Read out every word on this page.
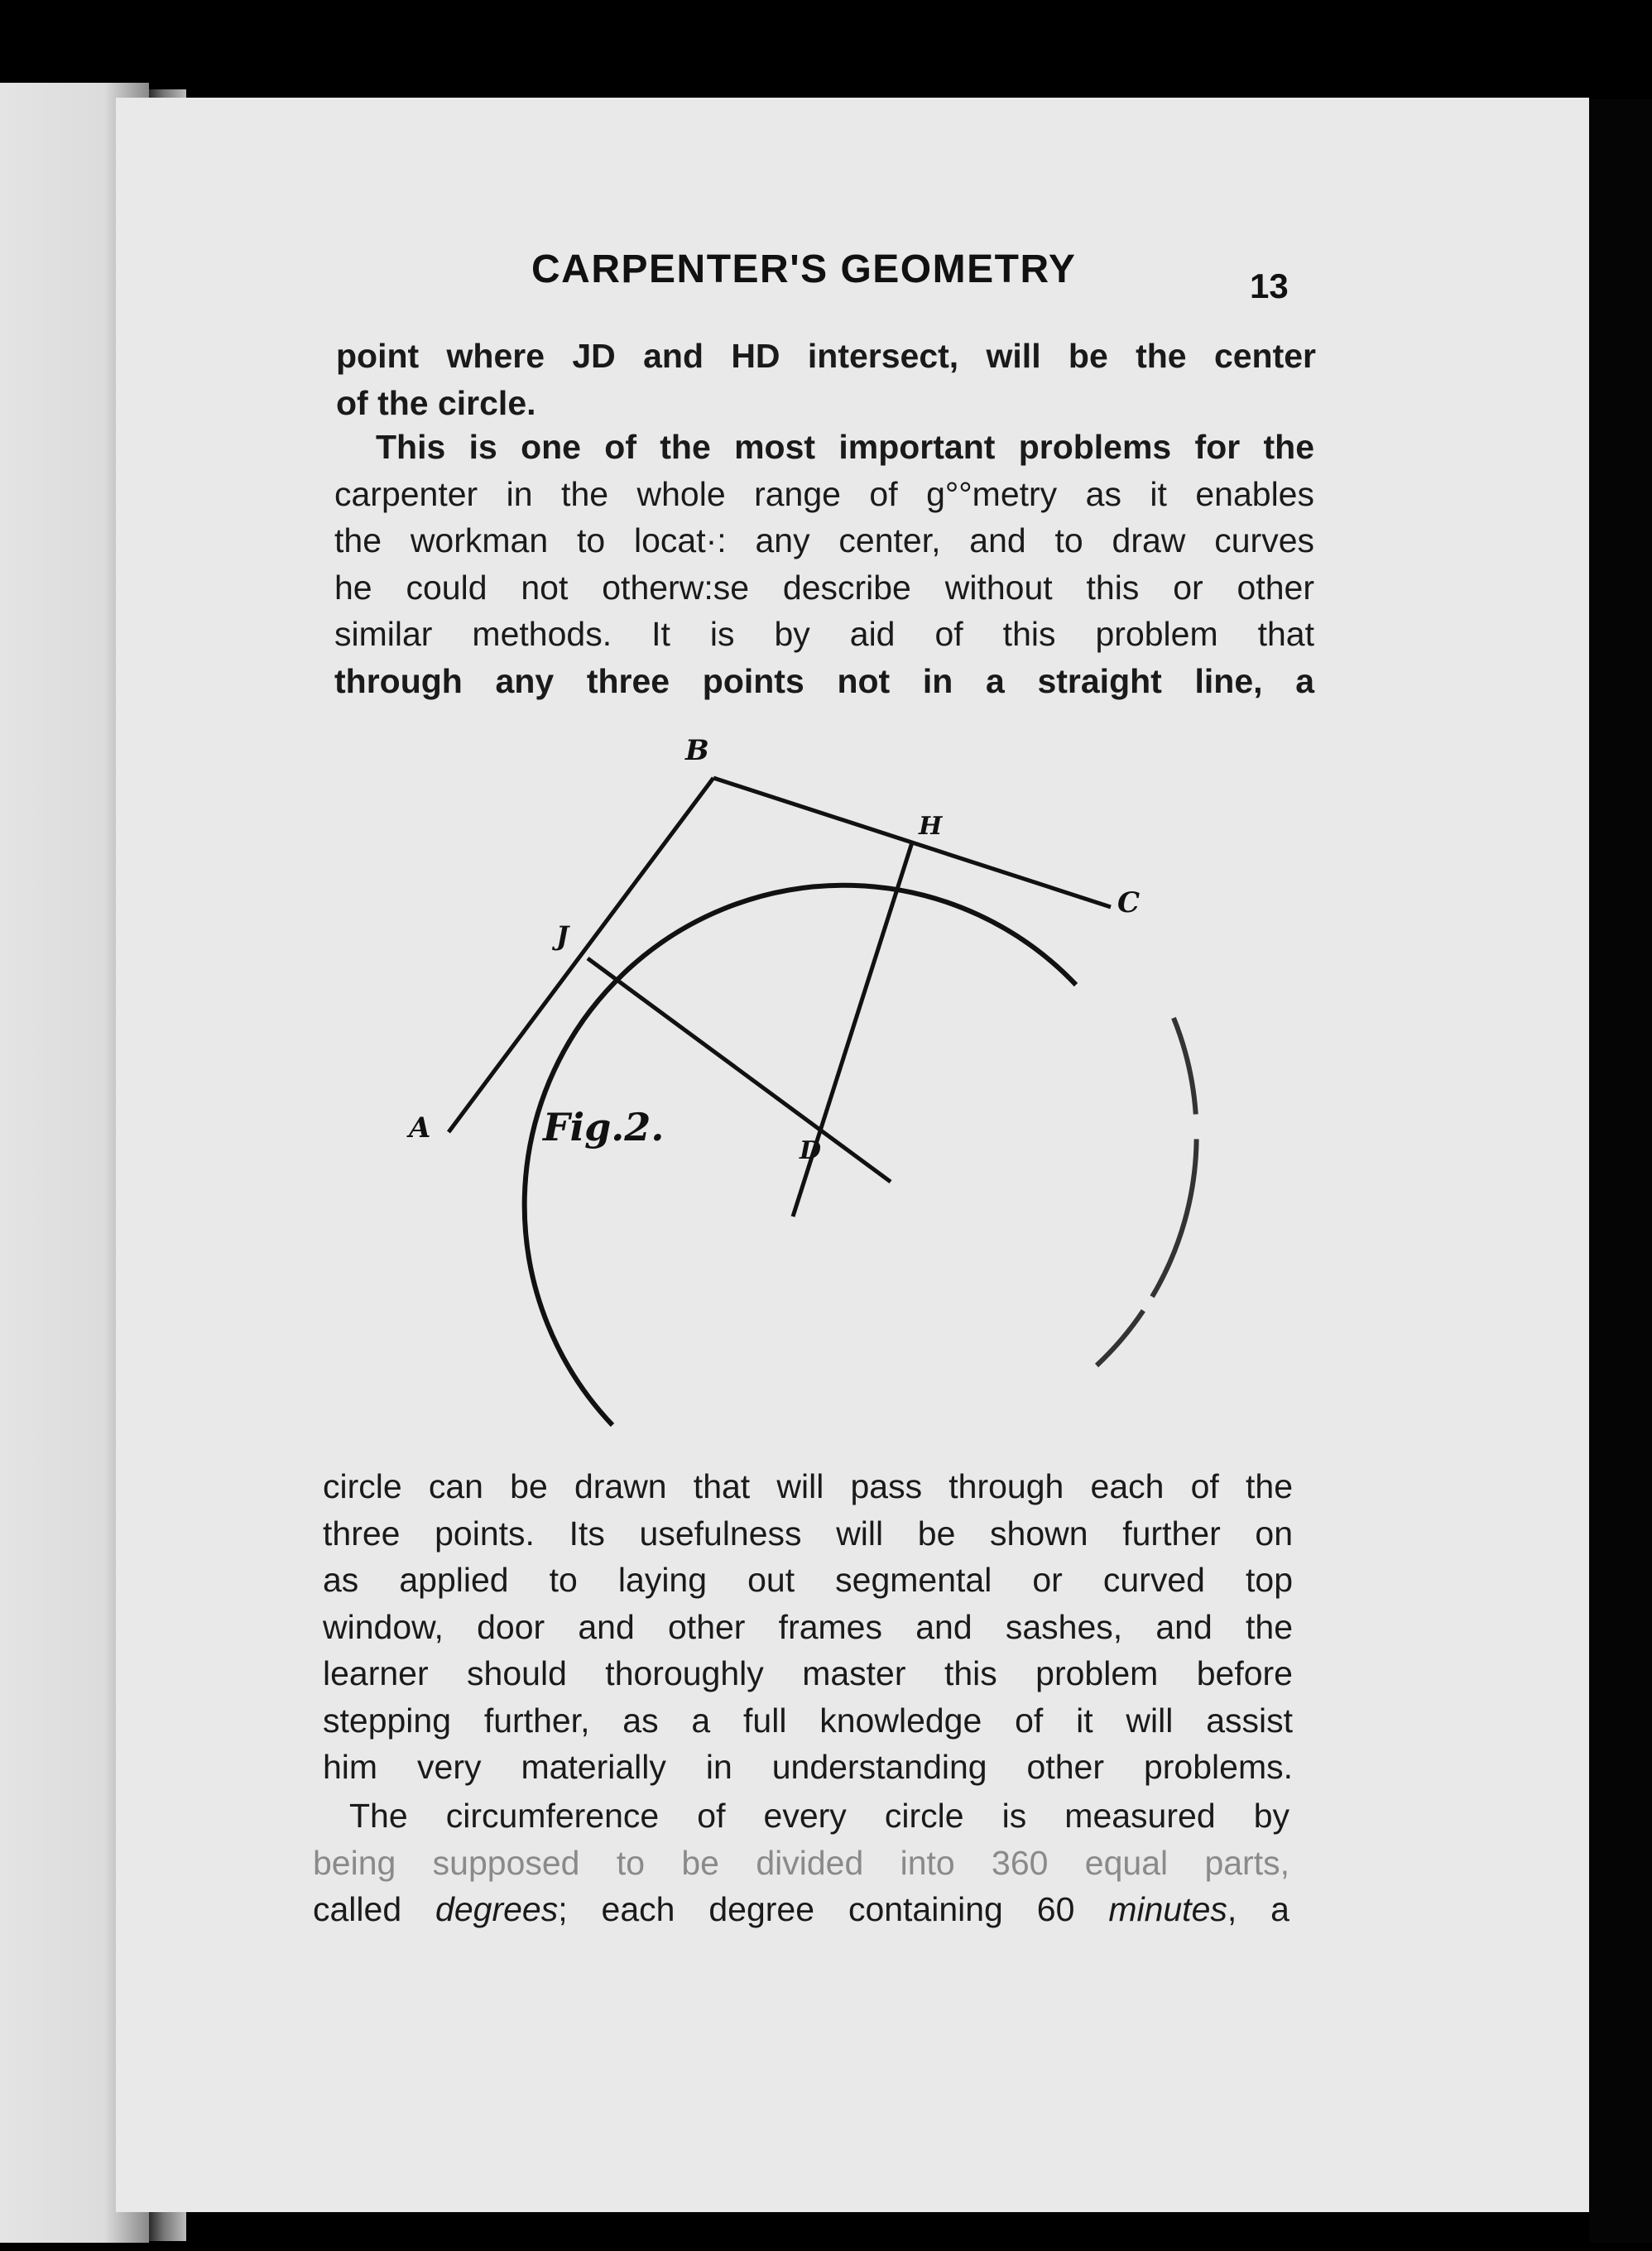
CARPENTER'S GEOMETRY	13
point where JD and HD intersect, will be the center
of the circle.
This is one of the most important problems for the
carpenter in the whole range of g°°metry as it enables
the workman to locat·: any center, and to draw curves
he could not otherw:se describe without this or other
similar methods. It is by aid of this problem that
through any three points not in a straight line, a
B
H
C
J
A
D
Fig.2.
circle can be drawn that will pass through each of the
three points. Its usefulness will be shown further on
as applied to laying out segmental or curved top
window, door and other frames and sashes, and the
learner should thoroughly master this problem before
stepping further, as a full knowledge of it will assist
him very materially in understanding other problems.
The circumference of every circle is measured by
being supposed to be divided into 360 equal parts,
called degrees; each degree containing 60 minutes, a
